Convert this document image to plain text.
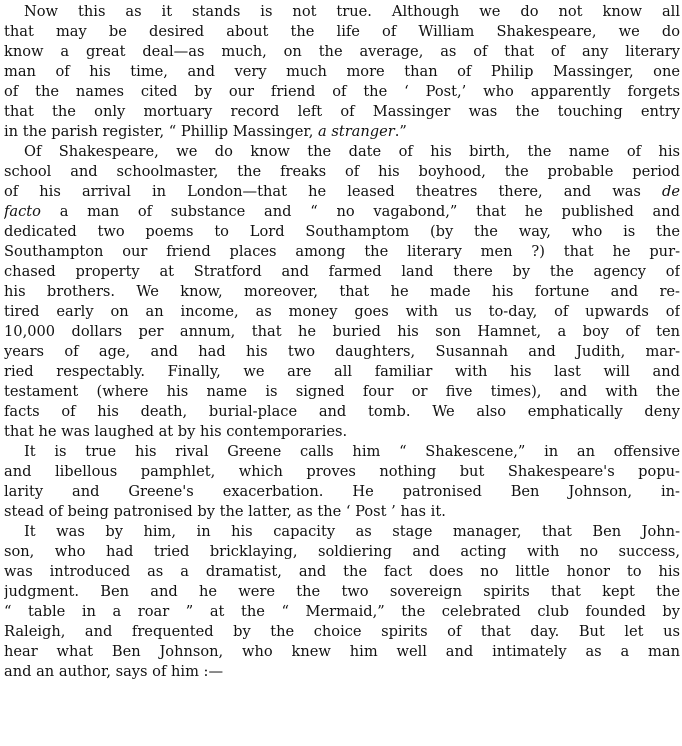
Now this as it stands is not true. Although we do not know all
that may be desired about the life of William Shakespeare, we do
know a great deal—as much, on the average, as of that of any literary
man of his time, and very much more than of Philip Massinger, one
of the names cited by our friend of the ‘ Post,’ who apparently forgets
that the only mortuary record left of Massinger was the touching entry
in the parish register, “ Phillip Massinger, a stranger.”
Of Shakespeare, we do know the date of his birth, the name of his
school and schoolmaster, the freaks of his boyhood, the probable period
of his arrival in London—that he leased theatres there, and was de
facto a man of substance and “ no vagabond,” that he published and
dedicated two poems to Lord Southamptom (by the way, who is the
Southampton our friend places among the literary men ?) that he pur-
chased property at Stratford and farmed land there by the agency of
his brothers. We know, moreover, that he made his fortune and re-
tired early on an income, as money goes with us to-day, of upwards of
10,000 dollars per annum, that he buried his son Hamnet, a boy of ten
years of age, and had his two daughters, Susannah and Judith, mar-
ried respectably. Finally, we are all familiar with his last will and
testament (where his name is signed four or five times), and with the
facts of his death, burial-place and tomb. We also emphatically deny
that he was laughed at by his contemporaries.
It is true his rival Greene calls him “ Shakescene,” in an offensive
and libellous pamphlet, which proves nothing but Shakespeare's popu-
larity and Greene's exacerbation. He patronised Ben Johnson, in-
stead of being patronised by the latter, as the ‘ Post ’ has it.
It was by him, in his capacity as stage manager, that Ben John-
son, who had tried bricklaying, soldiering and acting with no success,
was introduced as a dramatist, and the fact does no little honor to his
judgment. Ben and he were the two sovereign spirits that kept the
“ table in a roar ” at the “ Mermaid,” the celebrated club founded by
Raleigh, and frequented by the choice spirits of that day. But let us
hear what Ben Johnson, who knew him well and intimately as a man
and an author, says of him :—
